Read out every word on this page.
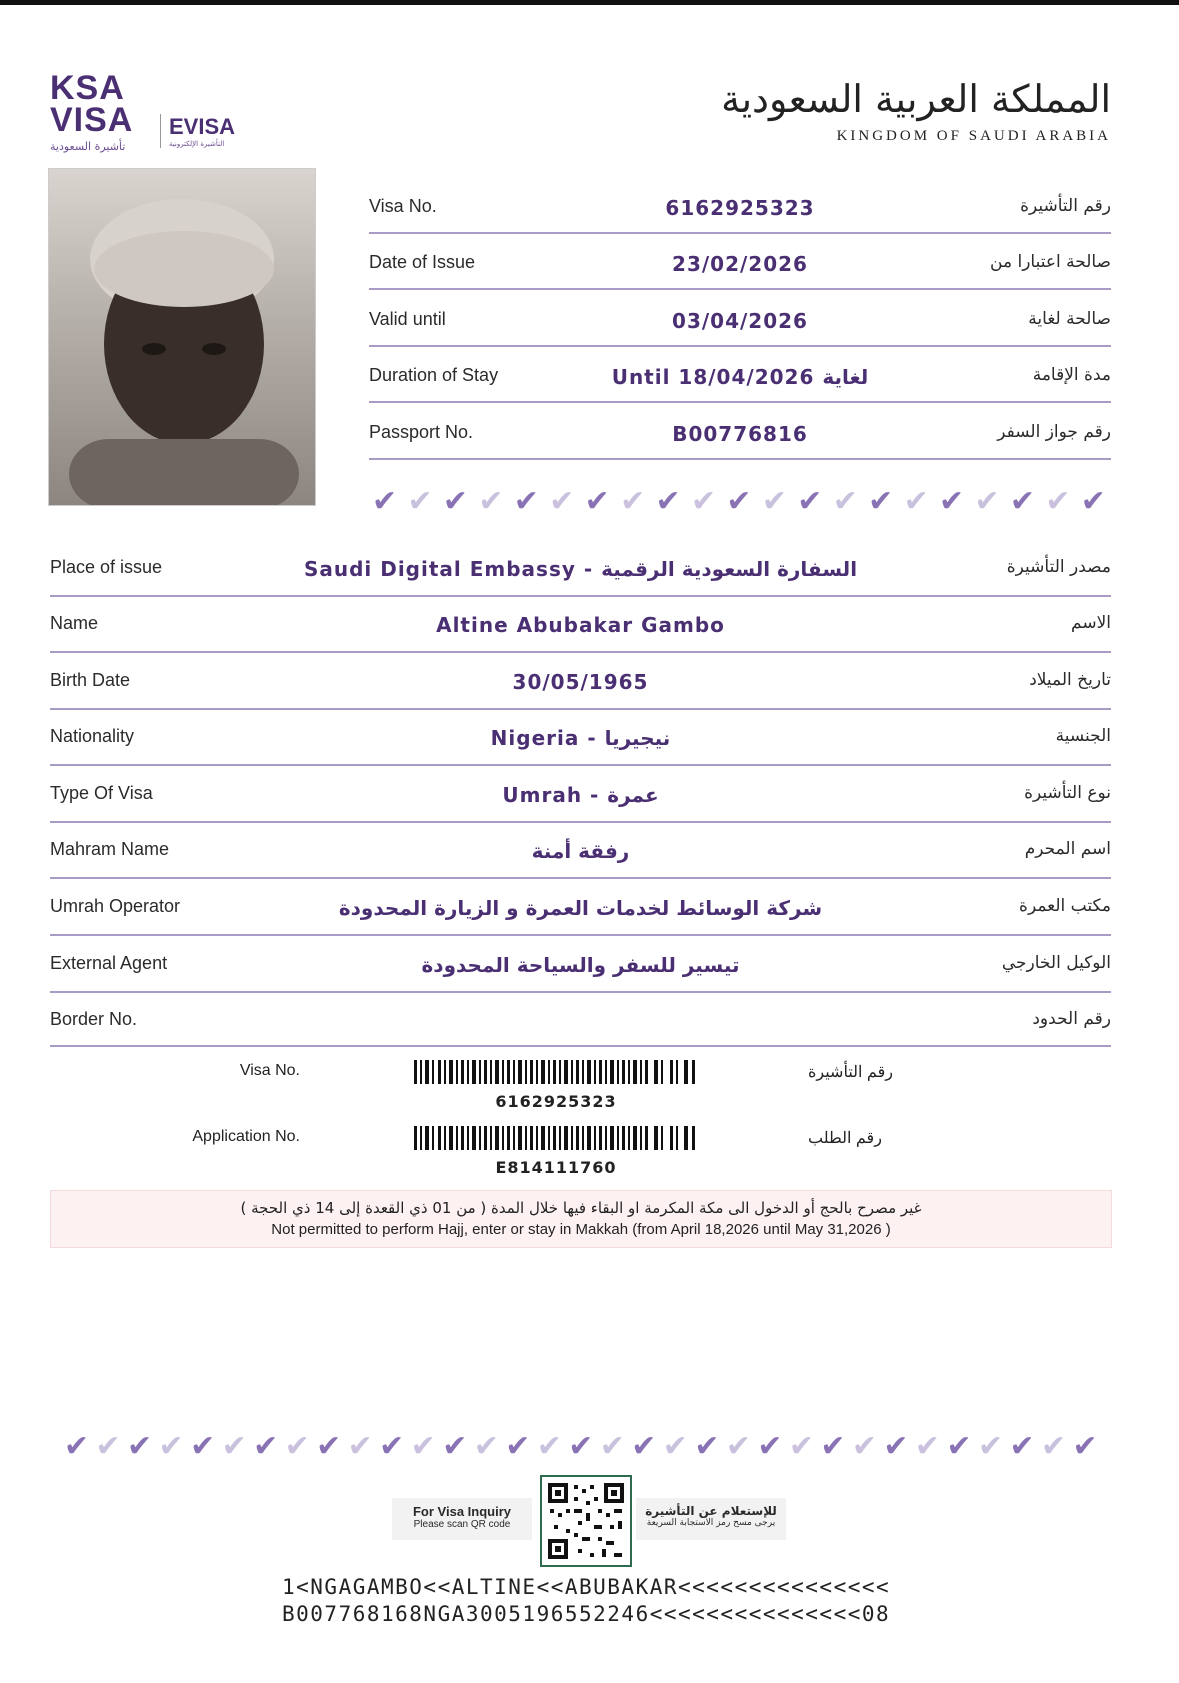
KSA
VISA
تأشيرة السعودية
EVISA
التأشيرة الإلكترونية
المملكة العربية السعودية
KINGDOM OF SAUDI ARABIA
Visa No.	6162925323	رقم التأشيرة
Date of Issue	23/02/2026	صالحة اعتبارا من
Valid until	03/04/2026	صالحة لغاية
Duration of Stay	Until 18/04/2026 لغاية	مدة الإقامة
Passport No.	B00776816	رقم جواز السفر
✔ ✔ ✔ ✔ ✔ ✔ ✔ ✔ ✔ ✔ ✔ ✔ ✔ ✔ ✔ ✔ ✔ ✔ ✔ ✔ ✔
Place of issue	Saudi Digital Embassy - السفارة السعودية الرقمية	مصدر التأشيرة
Name	Altine Abubakar Gambo	الاسم
Birth Date	30/05/1965	تاريخ الميلاد
Nationality	Nigeria - نيجيريا	الجنسية
Type Of Visa	Umrah - عمرة	نوع التأشيرة
Mahram Name	رفقة أمنة	اسم المحرم
Umrah Operator	شركة الوسائط لخدمات العمرة و الزيارة المحدودة	مكتب العمرة
External Agent	تيسير للسفر والسياحة المحدودة	الوكيل الخارجي
Border No.	رقم الحدود
Visa No.	رقم التأشيرة
6162925323
Application No.	رقم الطلب
E814111760
غير مصرح بالحج أو الدخول الى مكة المكرمة او البقاء فيها خلال المدة ( من 01 ذي القعدة إلى 14 ذي الحجة )
Not permitted to perform Hajj, enter or stay in Makkah (from April 18,2026 until May 31,2026 )
✔ ✔ ✔ ✔ ✔ ✔ ✔ ✔ ✔ ✔ ✔ ✔ ✔ ✔ ✔ ✔ ✔ ✔ ✔ ✔ ✔ ✔ ✔ ✔ ✔ ✔ ✔ ✔ ✔ ✔ ✔ ✔ ✔
For Visa Inquiry
Please scan QR code
للإستعلام عن التأشيرة
يرجى مسح رمز الاستجابة السريعة
1<NGAGAMBO<<ALTINE<<ABUBAKAR<<<<<<<<<<<<<<<
B007768168NGA3005196552246<<<<<<<<<<<<<<<08
